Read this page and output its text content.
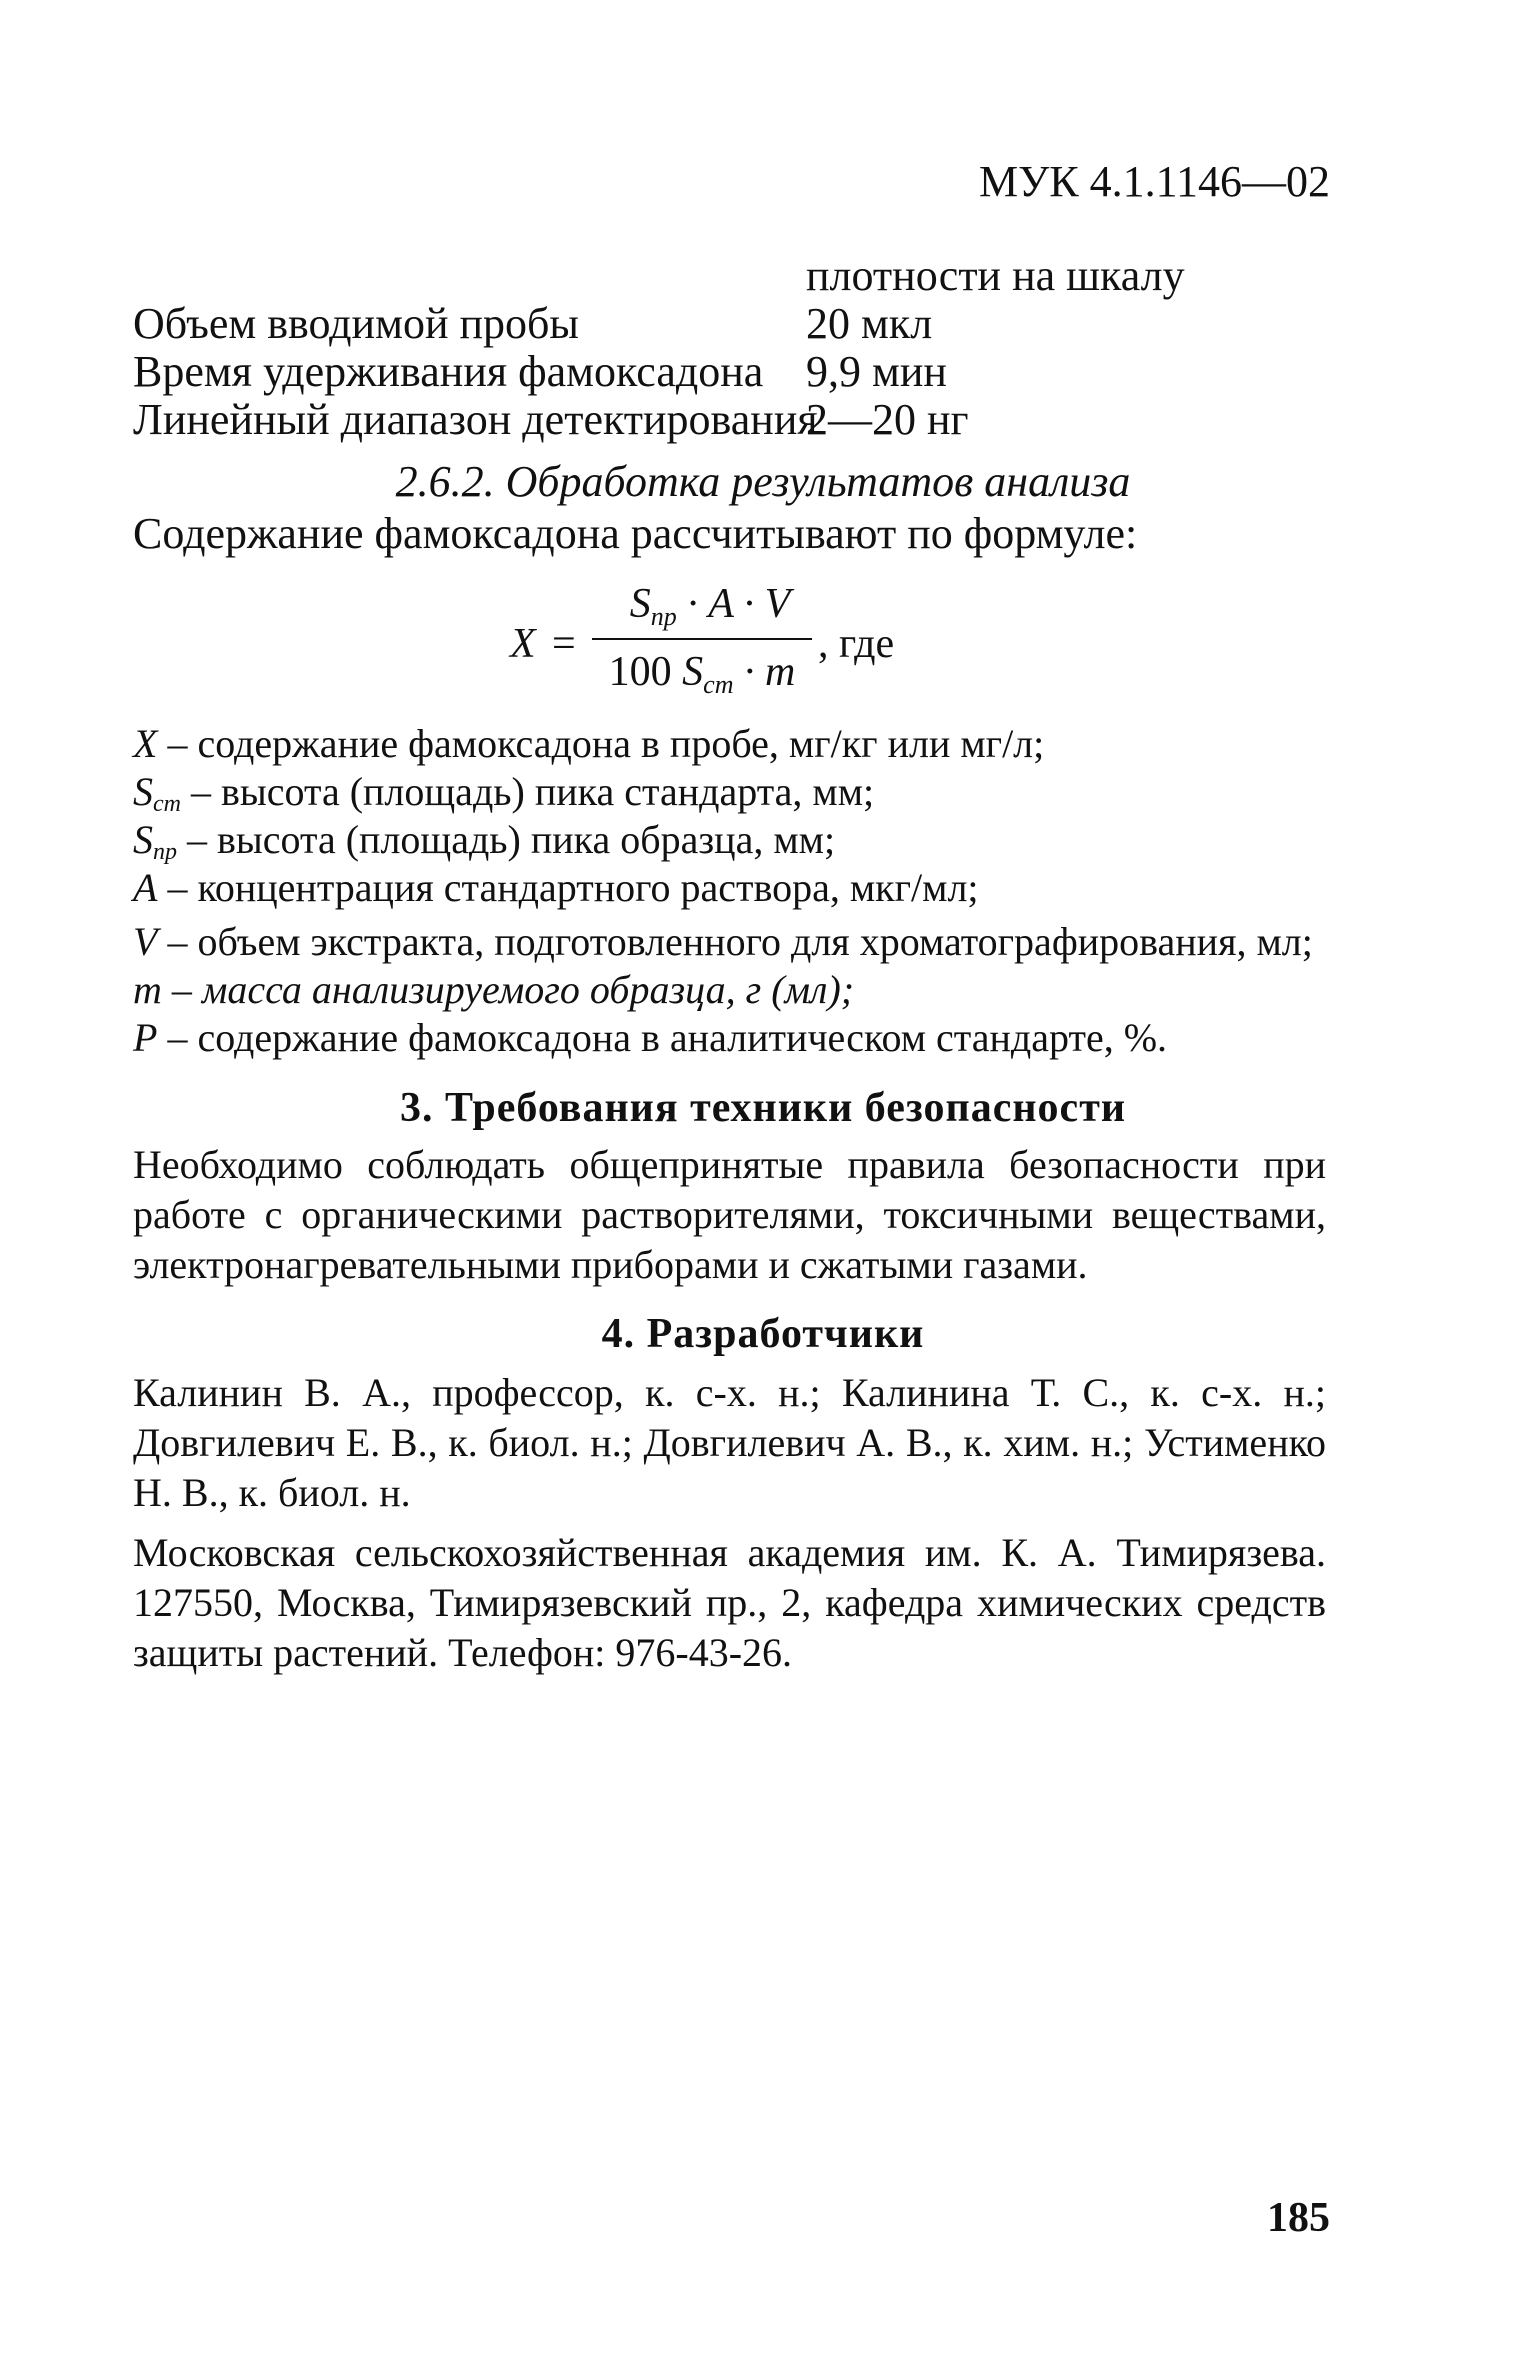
МУК 4.1.1146—02
плотности на шкалу
Объем вводимой пробы	20 мкл
Время удерживания фамоксадона 9,9 мин
Линейный диапазон детектирования
2—20 нг
2.6.2. Обработка результатов анализа
Содержание фамоксадона рассчитывают по формуле:
X =
$S_{пр} \cdot A \cdot V$
100 $S_{ст} \cdot m$
, где
X – содержание фамоксадона в пробе, мг/кг или мг/л;
$S_{ст}$ – высота (площадь) пика стандарта, мм;
$S_{пр}$ – высота (площадь) пика образца, мм;
A – концентрация стандартного раствора, мкг/мл;
V – объем экстракта, подготовленного для хроматографирования, мл;
m – масса анализируемого образца, г (мл);
P – содержание фамоксадона в аналитическом стандарте, %.
3. Требования техники безопасности
Необходимо соблюдать общепринятые правила безопасности при работе с органическими растворителями, токсичными веществами, электронагревательными приборами и сжатыми газами.
4. Разработчики
Калинин В. А., профессор, к. с-х. н.; Калинина Т. С., к. с-х. н.; Довгилевич Е. В., к. биол. н.; Довгилевич А. В., к. хим. н.; Устименко Н. В., к. биол. н.
Московская сельскохозяйственная академия им. К. А. Тимирязева. 127550, Москва, Тимирязевский пр., 2, кафедра химических средств защиты растений. Телефон: 976-43-26.
185
